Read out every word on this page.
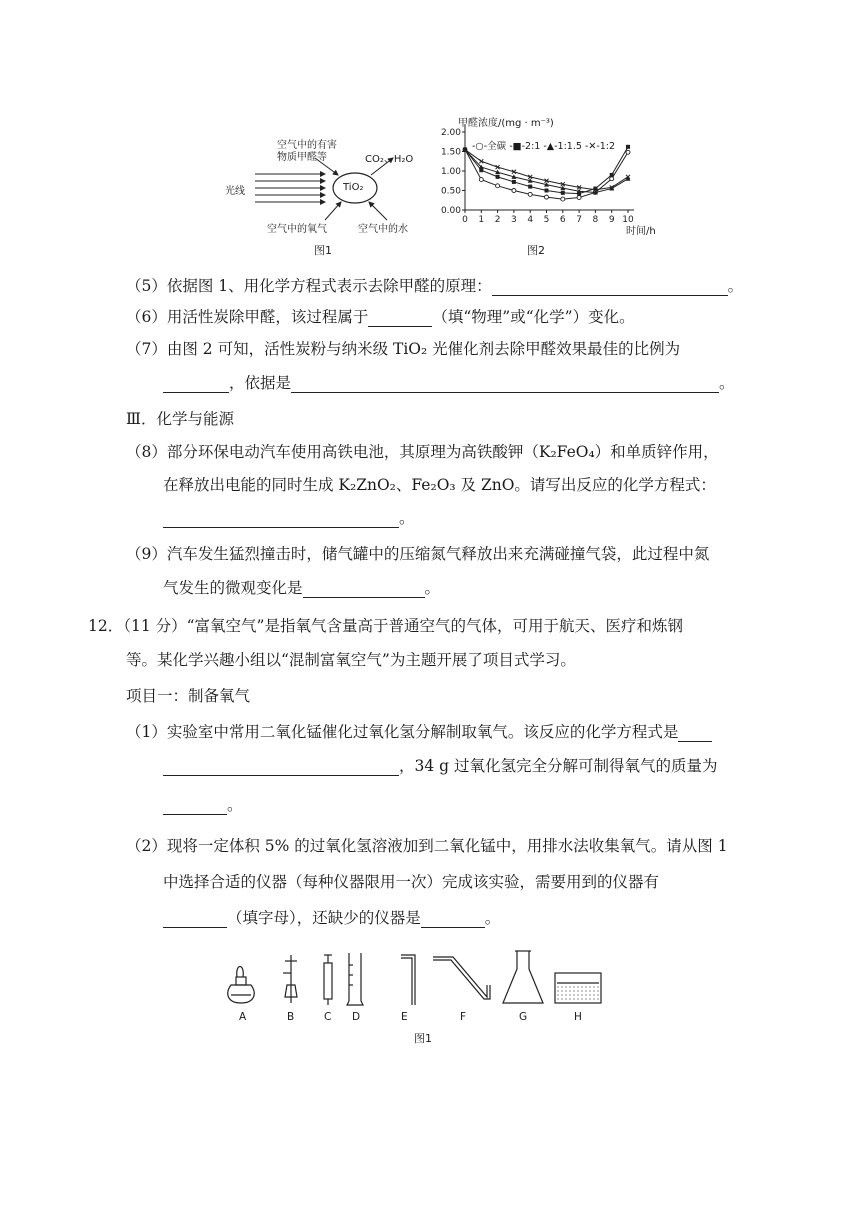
空气中的有害
物质甲醛等	CO₂、H₂O
光线	TiO₂
空气中的氧气	空气中的水
图1
0.00
0.50
1.00
1.50
2.00
0 1 2 3 4 5 6 7 8 9 10
甲醛浓度/(mg · m⁻³)
时间/h
-○-全碳 -■-2:1 -▲-1:1.5 -✕-1:2
图2
（5）依据图 1、用化学方程式表示去除甲醛的原理：	。
（6）用活性炭除甲醛，该过程属于	（填“物理”或“化学”）变化。
（7）由图 2 可知，活性炭粉与纳米级 TiO₂ 光催化剂去除甲醛效果最佳的比例为
，依据是	。
Ⅲ．化学与能源
（8）部分环保电动汽车使用高铁电池，其原理为高铁酸钾（K₂FeO₄）和单质锌作用，
在释放出电能的同时生成 K₂ZnO₂、Fe₂O₃ 及 ZnO。请写出反应的化学方程式：
。
（9）汽车发生猛烈撞击时，储气罐中的压缩氮气释放出来充满碰撞气袋，此过程中氮
气发生的微观变化是	。
12．（11 分）“富氧空气”是指氧气含量高于普通空气的气体，可用于航天、医疗和炼钢
等。某化学兴趣小组以“混制富氧空气”为主题开展了项目式学习。
项目一：制备氧气
（1）实验室中常用二氧化锰催化过氧化氢分解制取氧气。该反应的化学方程式是
，34 g 过氧化氢完全分解可制得氧气的质量为
。
（2）现将一定体积 5% 的过氧化氢溶液加到二氧化锰中，用排水法收集氧气。请从图 1
中选择合适的仪器（每种仪器限用一次）完成该实验，需要用到的仪器有
（填字母），还缺少的仪器是	。
A	B	C D	E	F	G	H
图1
